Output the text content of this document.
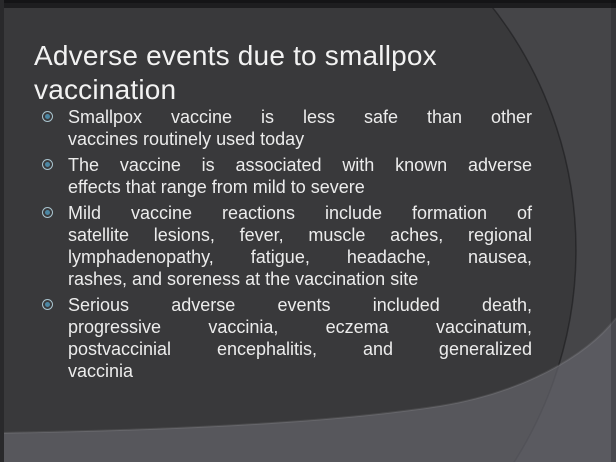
Adverse events due to smallpox vaccination
Smallpox vaccine is less safe than other
vaccines routinely used today
The vaccine is associated with known adverse
effects that range from mild to severe
Mild vaccine reactions include formation of
satellite lesions, fever, muscle aches, regional
lymphadenopathy, fatigue, headache, nausea,
rashes, and soreness at the vaccination site
Serious adverse events included death,
progressive vaccinia, eczema vaccinatum,
postvaccinial encephalitis, and generalized
vaccinia
